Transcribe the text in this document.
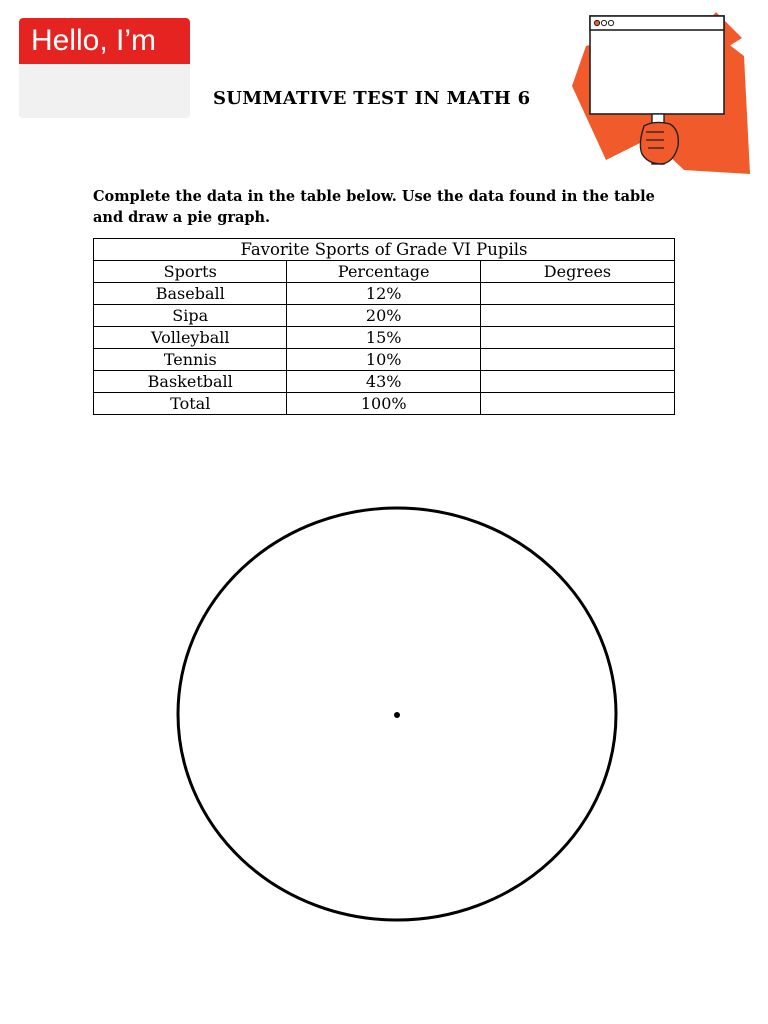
Hello, I’m
SUMMATIVE TEST IN MATH 6
Complete the data in the table below. Use the data found in the table and draw a pie graph.
Favorite Sports of Grade VI Pupils		
Sports	Percentage	Degrees
Baseball	12%	
Sipa	20%	
Volleyball	15%	
Tennis	10%	
Basketball	43%	
Total	100%	
